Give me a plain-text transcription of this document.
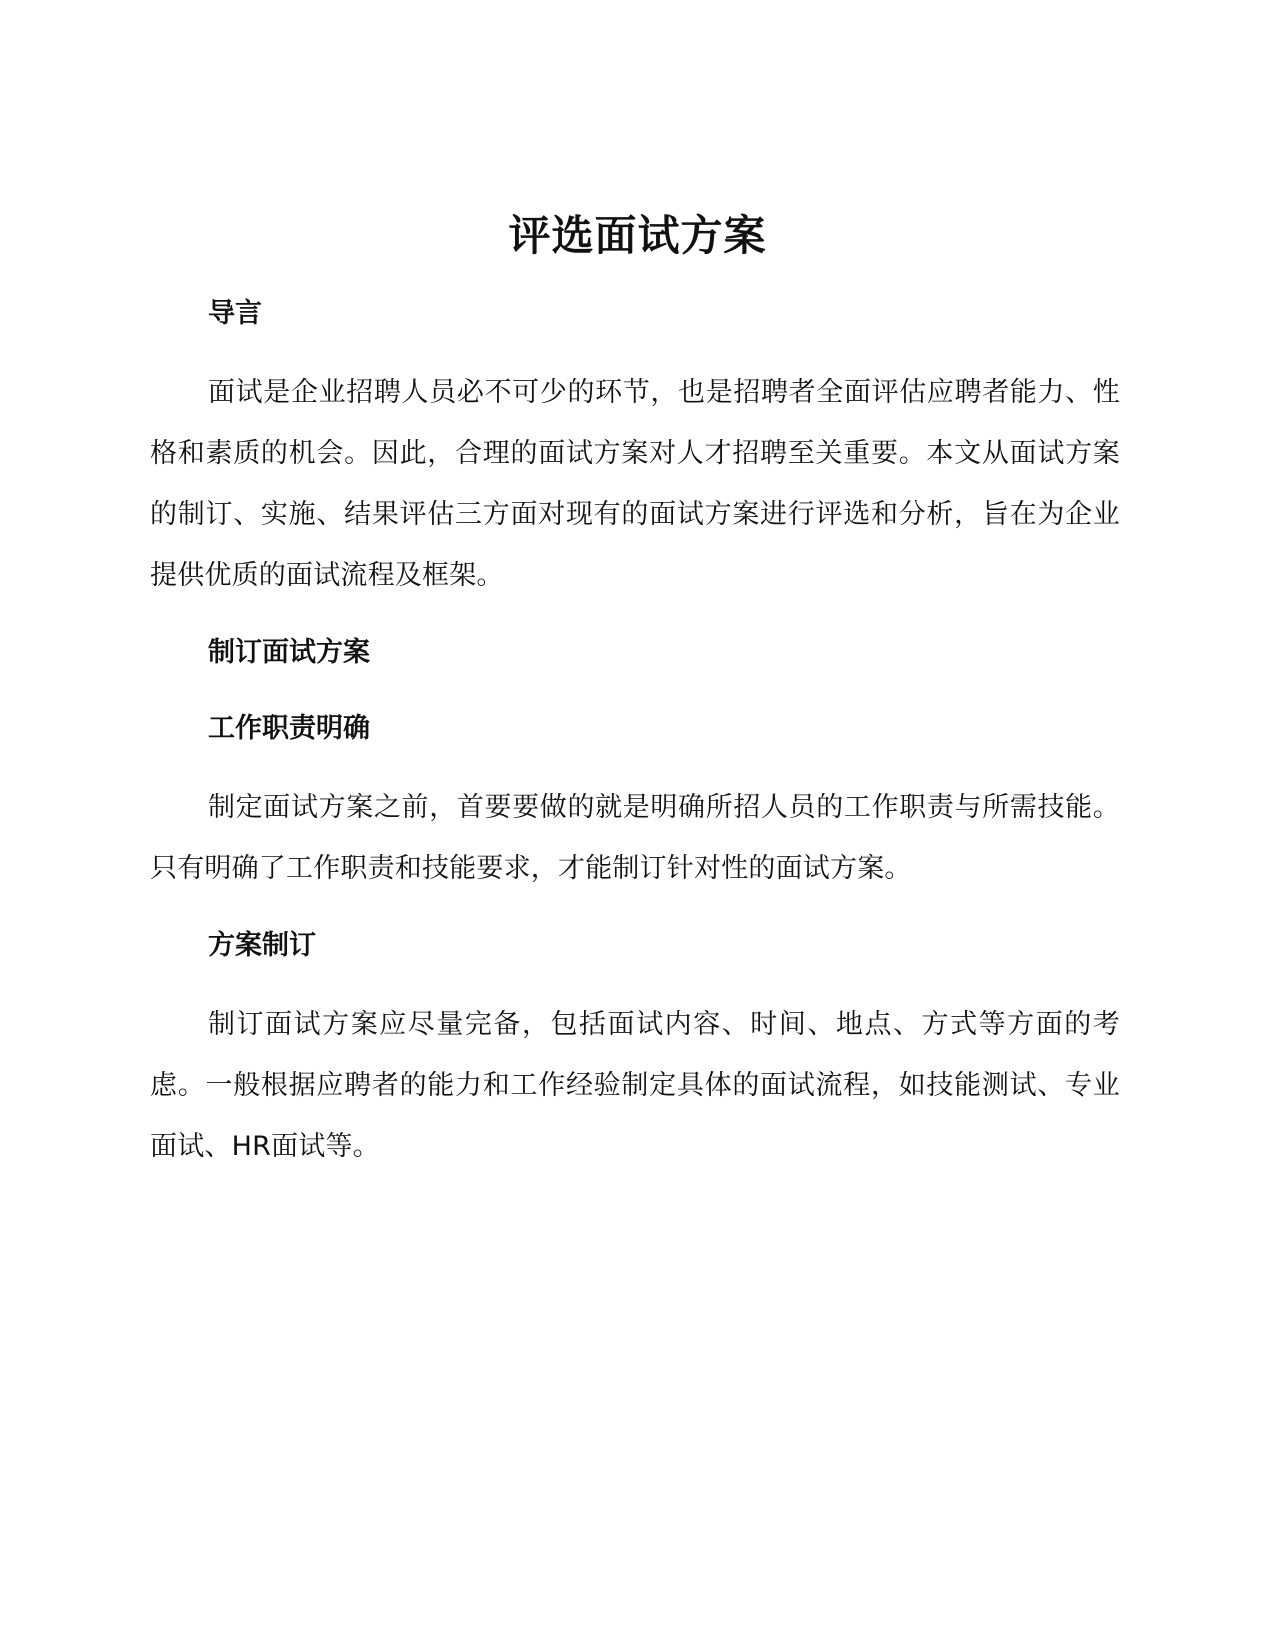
评选面试方案
导言

面试是企业招聘人员必不可少的环节，也是招聘者全面评估应聘者能力、性格和素质的机会。因此，合理的面试方案对人才招聘至关重要。本文从面试方案的制订、实施、结果评估三方面对现有的面试方案进行评选和分析，旨在为企业提供优质的面试流程及框架。

制订面试方案
工作职责明确

制定面试方案之前，首要要做的就是明确所招人员的工作职责与所需技能。只有明确了工作职责和技能要求，才能制订针对性的面试方案。

方案制订

制订面试方案应尽量完备，包括面试内容、时间、地点、方式等方面的考虑。一般根据应聘者的能力和工作经验制定具体的面试流程，如技能测试、专业面试、HR面试等。
